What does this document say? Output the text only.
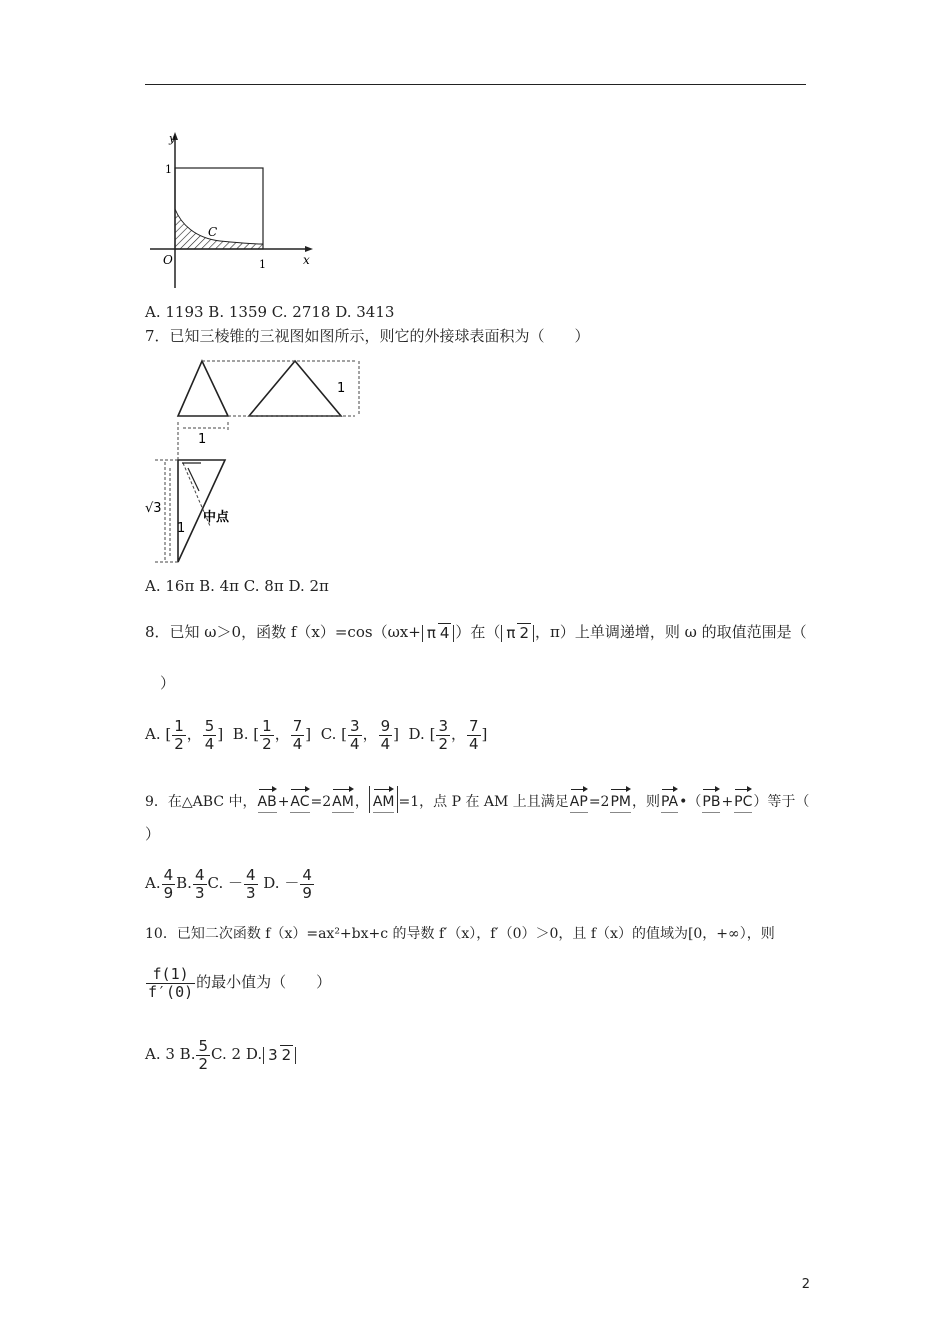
y
x
O
C
1
1
A. 1193 B. 1359 C. 2718 D. 3413
7．已知三棱锥的三视图如图所示，则它的外接球表面积为（　　）
1
1
√3
1
中点
A. 16π B. 4π C. 8π D. 2π
8．已知 ω＞0，函数 f（x）=cos（ωx+ π 4 ）在（ π 2 ，π）上单调递增，则 ω 的取值范围是（
）
A. [ $\frac{1}{2}$ ， $\frac{5}{4}$ ] B. [ $\frac{1}{2}$ ， $\frac{7}{4}$ ] C. [ $\frac{3}{4}$ ， $\frac{9}{4}$ ] D. [ $\frac{3}{2}$ ， $\frac{7}{4}$ ]
9．在△ABC 中，AB+AC=2AM， AM =1，点 P 在 AM 上且满足AP=2PM，则PA•（PB+PC）等于（
）
A. $\frac{4}{9} B$. $\frac{4}{3} C$. － $\frac{4}{3} D$. － $\frac{4}{9}$
10．已知二次函数 f（x）=ax²+bx+c 的导数 f′（x），f′（0）＞0，且 f（x）的值域为[0，+∞），则
$\frac{f(1)}{f'(0)}$ 的最小值为（　　）
A. 3 B. $\frac{5}{2} C$. 2 D. 3 2
2
